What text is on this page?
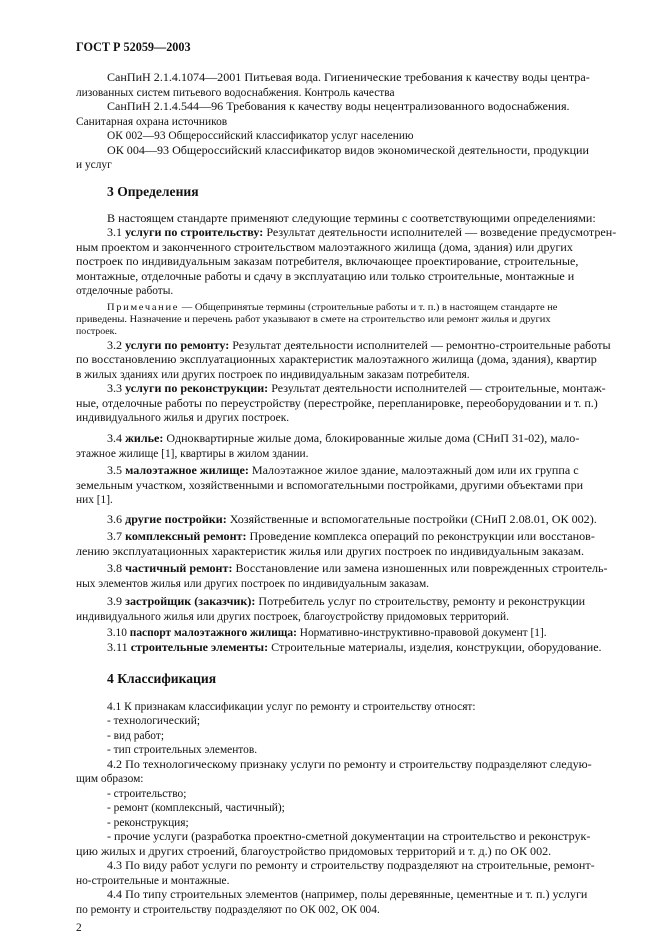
ГОСТ Р 52059—2003
СанПиН 2.1.4.1074—2001 Питьевая вода. Гигиенические требования к качеству воды центра-
лизованных систем питьевого водоснабжения. Контроль качества
СанПиН 2.1.4.544—96 Требования к качеству воды нецентрализованного водоснабжения.
Санитарная охрана источников
ОК 002—93 Общероссийский классификатор услуг населению
ОК 004—93 Общероссийский классификатор видов экономической деятельности, продукции
и услуг
3 Определения
В настоящем стандарте применяют следующие термины с соответствующими определениями:
3.1 услуги по строительству: Результат деятельности исполнителей — возведение предусмотрен-
ным проектом и законченного строительством малоэтажного жилища (дома, здания) или других
построек по индивидуальным заказам потребителя, включающее проектирование, строительные,
монтажные, отделочные работы и сдачу в эксплуатацию или только строительные, монтажные и
отделочные работы.
Примечание — Общепринятые термины (строительные работы и т. п.) в настоящем стандарте не
приведены. Назначение и перечень работ указывают в смете на строительство или ремонт жилья и других
построек.
3.2 услуги по ремонту: Результат деятельности исполнителей — ремонтно-строительные работы
по восстановлению эксплуатационных характеристик малоэтажного жилища (дома, здания), квартир
в жилых зданиях или других построек по индивидуальным заказам потребителя.
3.3 услуги по реконструкции: Результат деятельности исполнителей — строительные, монтаж-
ные, отделочные работы по переустройству (перестройке, перепланировке, переоборудовании и т. п.)
индивидуального жилья и других построек.
3.4 жилье: Одноквартирные жилые дома, блокированные жилые дома (СНиП 31-02), мало-
этажное жилище [1], квартиры в жилом здании.
3.5 малоэтажное жилище: Малоэтажное жилое здание, малоэтажный дом или их группа с
земельным участком, хозяйственными и вспомогательными постройками, другими объектами при
них [1].
3.6 другие постройки: Хозяйственные и вспомогательные постройки (СНиП 2.08.01, ОК 002).
3.7 комплексный ремонт: Проведение комплекса операций по реконструкции или восстанов-
лению эксплуатационных характеристик жилья или других построек по индивидуальным заказам.
3.8 частичный ремонт: Восстановление или замена изношенных или поврежденных строитель-
ных элементов жилья или других построек по индивидуальным заказам.
3.9 застройщик (заказчик): Потребитель услуг по строительству, ремонту и реконструкции
индивидуального жилья или других построек, благоустройству придомовых территорий.
3.10 паспорт малоэтажного жилища: Нормативно-инструктивно-правовой документ [1].
3.11 строительные элементы: Строительные материалы, изделия, конструкции, оборудование.
4 Классификация
4.1 К признакам классификации услуг по ремонту и строительству относят:
- технологический;
- вид работ;
- тип строительных элементов.
4.2 По технологическому признаку услуги по ремонту и строительству подразделяют следую-
щим образом:
- строительство;
- ремонт (комплексный, частичный);
- реконструкция;
- прочие услуги (разработка проектно-сметной документации на строительство и реконструк-
цию жилых и других строений, благоустройство придомовых территорий и т. д.) по ОК 002.
4.3 По виду работ услуги по ремонту и строительству подразделяют на строительные, ремонт-
но-строительные и монтажные.
4.4 По типу строительных элементов (например, полы деревянные, цементные и т. п.) услуги
по ремонту и строительству подразделяют по ОК 002, ОК 004.
2
